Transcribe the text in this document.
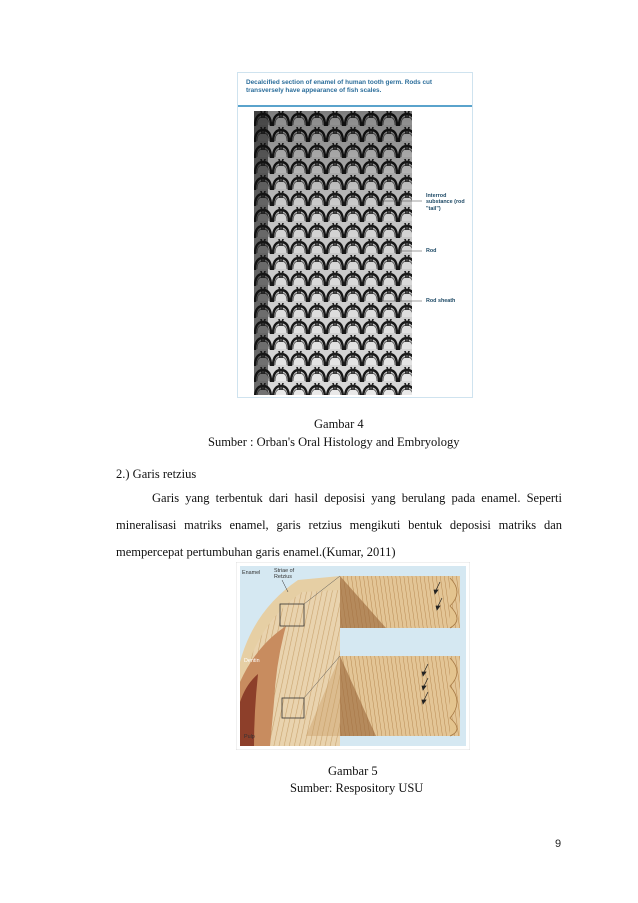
Decalcified section of enamel of human tooth germ. Rods cut transversely have appearance of fish scales.
Interrod substance (rod "tail")
Rod
Rod sheath
Gambar 4
Sumber : Orban's Oral Histology and Embryology
2.) Garis retzius
Garis yang terbentuk dari hasil deposisi yang berulang pada enamel. Seperti
mineralisasi matriks enamel, garis retzius mengikuti bentuk deposisi matriks dan
mempercepat pertumbuhan garis enamel.(Kumar, 2011)
Enamel	Striae of Retzius
Dentin
Pulp
Gambar 5
Sumber: Respository USU
9
